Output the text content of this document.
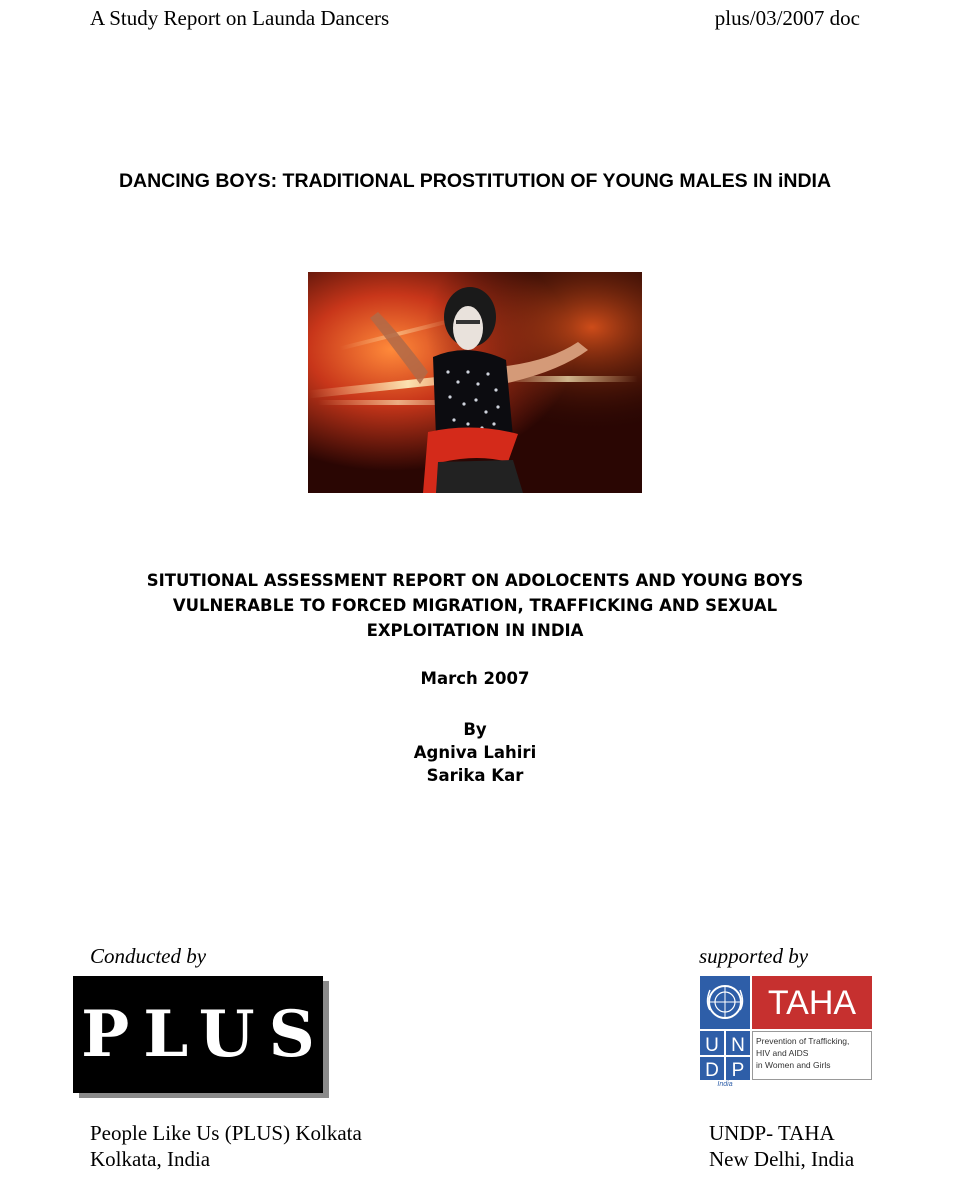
A Study Report on Launda Dancers	plus/03/2007 doc
DANCING BOYS: TRADITIONAL PROSTITUTION OF YOUNG MALES IN iNDIA
SITUTIONAL ASSESSMENT REPORT ON ADOLOCENTS AND YOUNG BOYS
VULNERABLE TO FORCED MIGRATION, TRAFFICKING AND SEXUAL
EXPLOITATION IN INDIA
March 2007
By
Agniva Lahiri
Sarika Kar
Conducted by
PLUS
supported by
U N
D P
India
TAHA
Prevention of Trafficking,
HIV and AIDS
in Women and Girls
People Like Us (PLUS) Kolkata
Kolkata, India
UNDP- TAHA
New Delhi, India
